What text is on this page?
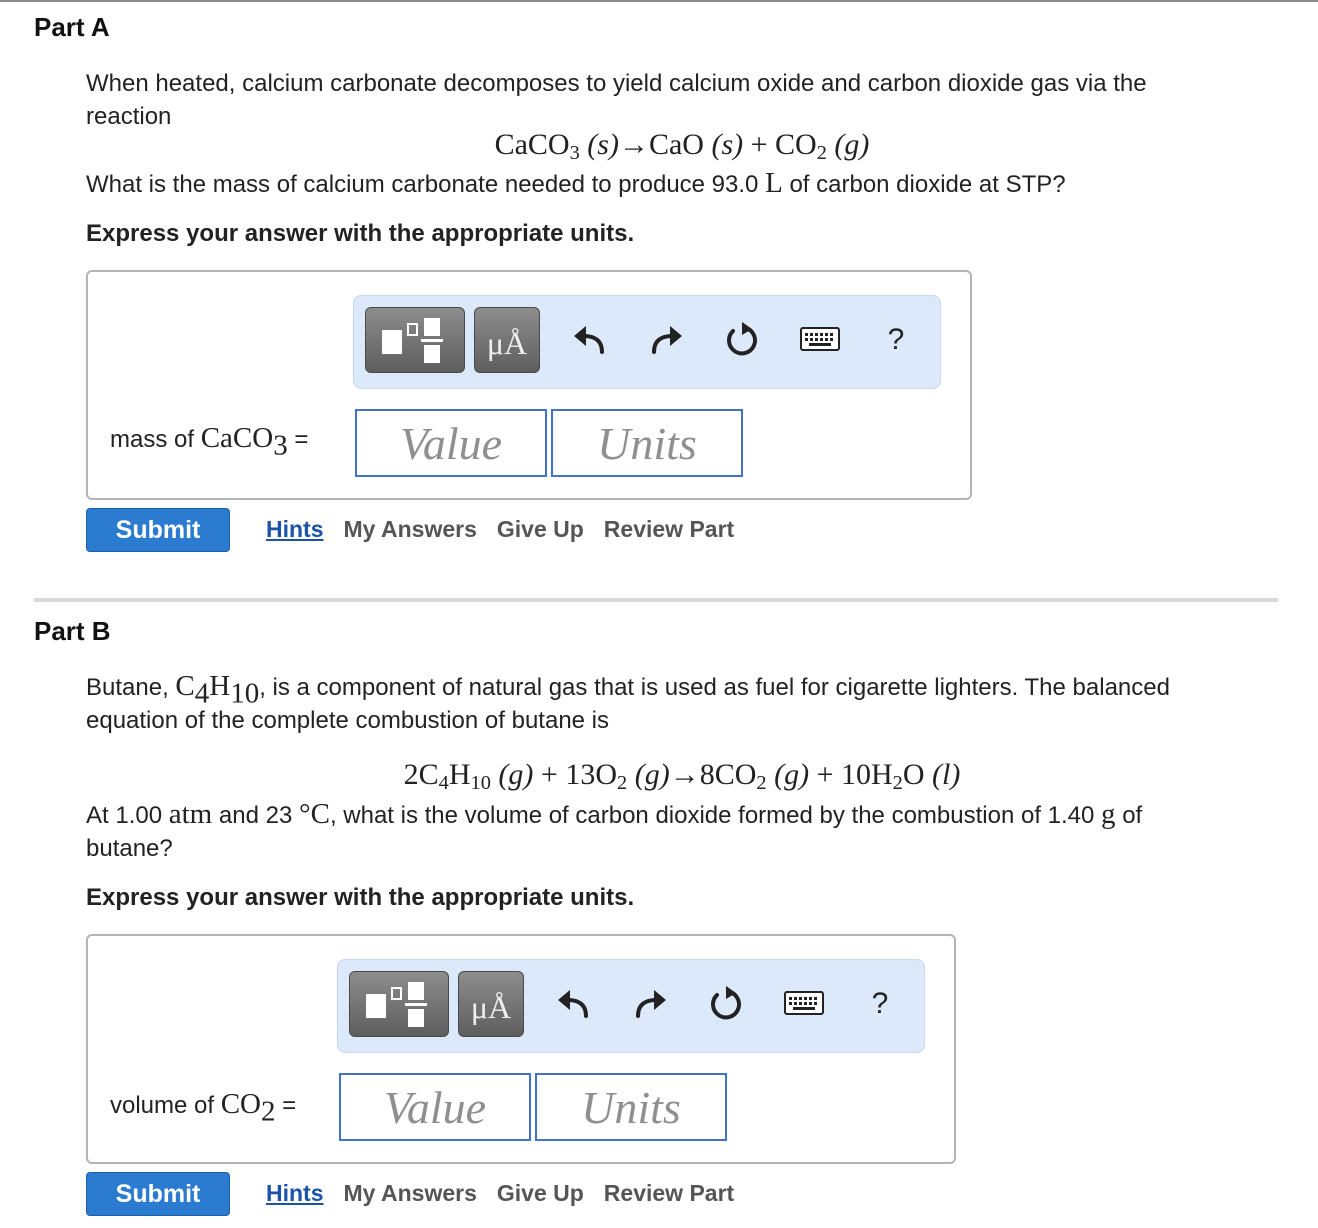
Part A
When heated, calcium carbonate decomposes to yield calcium oxide and carbon dioxide gas via the
reaction
CaCO$_3$ (s)→CaO $(s) + CO_2$ (g)
What is the mass of calcium carbonate needed to produce 93.0 L of carbon dioxide at STP?
Express your answer with the appropriate units.
μÅ	?
mass of CaCO$_3$ =	Value	Units
Submit	Hints My Answers Give Up Review Part
Part B
Butane, $C_4H_{10}$, is a component of natural gas that is used as fuel for cigarette lighters. The balanced
equation of the complete combustion of butane is
$2C_4H_{10}$ $(g) + 13O_2$ $(g)\to 8CO_2$ $(g) + 10H_2O$ (l)
At 1.00 atm and 23 °C, what is the volume of carbon dioxide formed by the combustion of 1.40 g of
butane?
Express your answer with the appropriate units.
μÅ	?
volume of $CO_2$ =	Value	Units
Submit	Hints My Answers Give Up Review Part
